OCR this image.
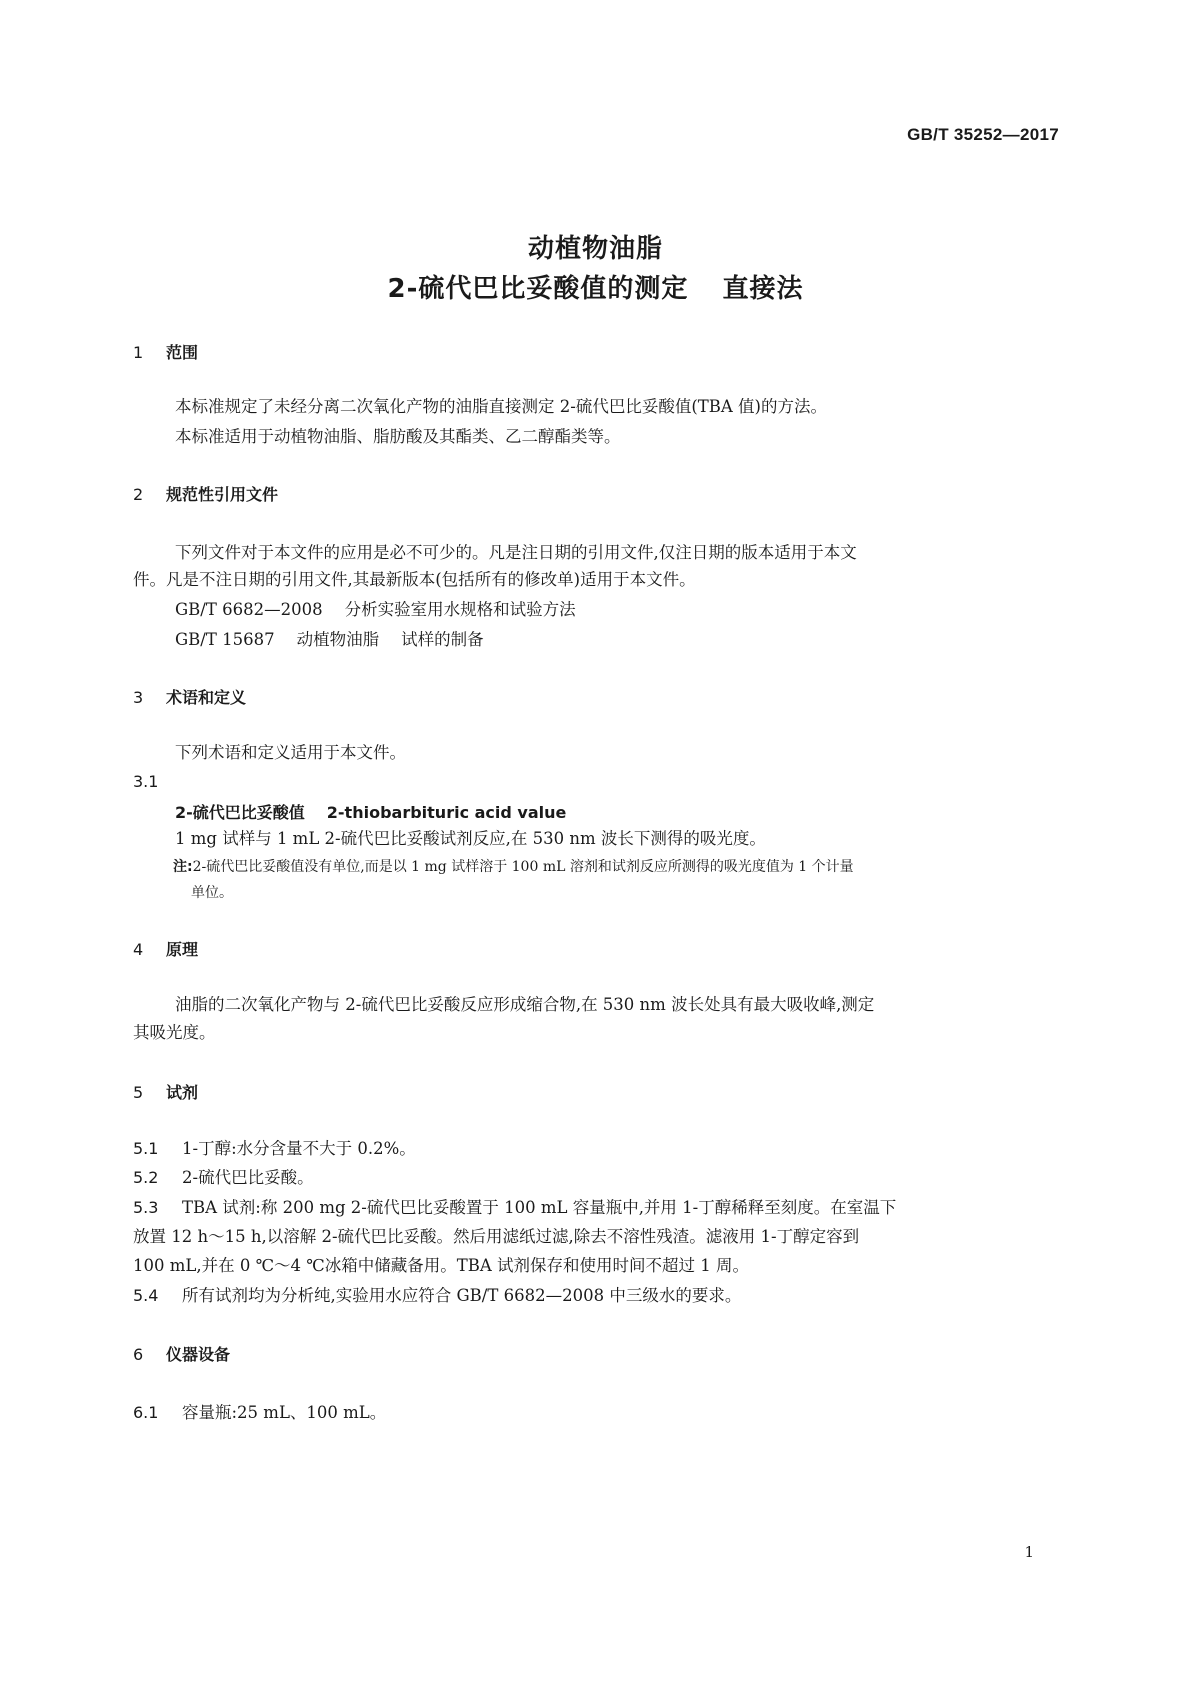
GB/T 35252—2017
动植物油脂
2-硫代巴比妥酸值的测定 直接法
1 范围
本标准规定了未经分离二次氧化产物的油脂直接测定 2-硫代巴比妥酸值(TBA 值)的方法。
本标准适用于动植物油脂、脂肪酸及其酯类、乙二醇酯类等。
2 规范性引用文件
下列文件对于本文件的应用是必不可少的。凡是注日期的引用文件,仅注日期的版本适用于本文
件。凡是不注日期的引用文件,其最新版本(包括所有的修改单)适用于本文件。
GB/T 6682—2008 分析实验室用水规格和试验方法
GB/T 15687 动植物油脂 试样的制备
3 术语和定义
下列术语和定义适用于本文件。
3.1
2-硫代巴比妥酸值 2-thiobarbituric acid value
1 mg 试样与 1 mL 2-硫代巴比妥酸试剂反应,在 530 nm 波长下测得的吸光度。
注:2-硫代巴比妥酸值没有单位,而是以 1 mg 试样溶于 100 mL 溶剂和试剂反应所测得的吸光度值为 1 个计量
单位。
4 原理
油脂的二次氧化产物与 2-硫代巴比妥酸反应形成缩合物,在 530 nm 波长处具有最大吸收峰,测定
其吸光度。
5 试剂
5.1 1-丁醇:水分含量不大于 0.2%。
5.2 2-硫代巴比妥酸。
5.3 TBA 试剂:称 200 mg 2-硫代巴比妥酸置于 100 mL 容量瓶中,并用 1-丁醇稀释至刻度。在室温下
放置 12 h～15 h,以溶解 2-硫代巴比妥酸。然后用滤纸过滤,除去不溶性残渣。滤液用 1-丁醇定容到
100 mL,并在 0 ℃～4 ℃冰箱中储藏备用。TBA 试剂保存和使用时间不超过 1 周。
5.4 所有试剂均为分析纯,实验用水应符合 GB/T 6682—2008 中三级水的要求。
6 仪器设备
6.1 容量瓶:25 mL、100 mL。
1
